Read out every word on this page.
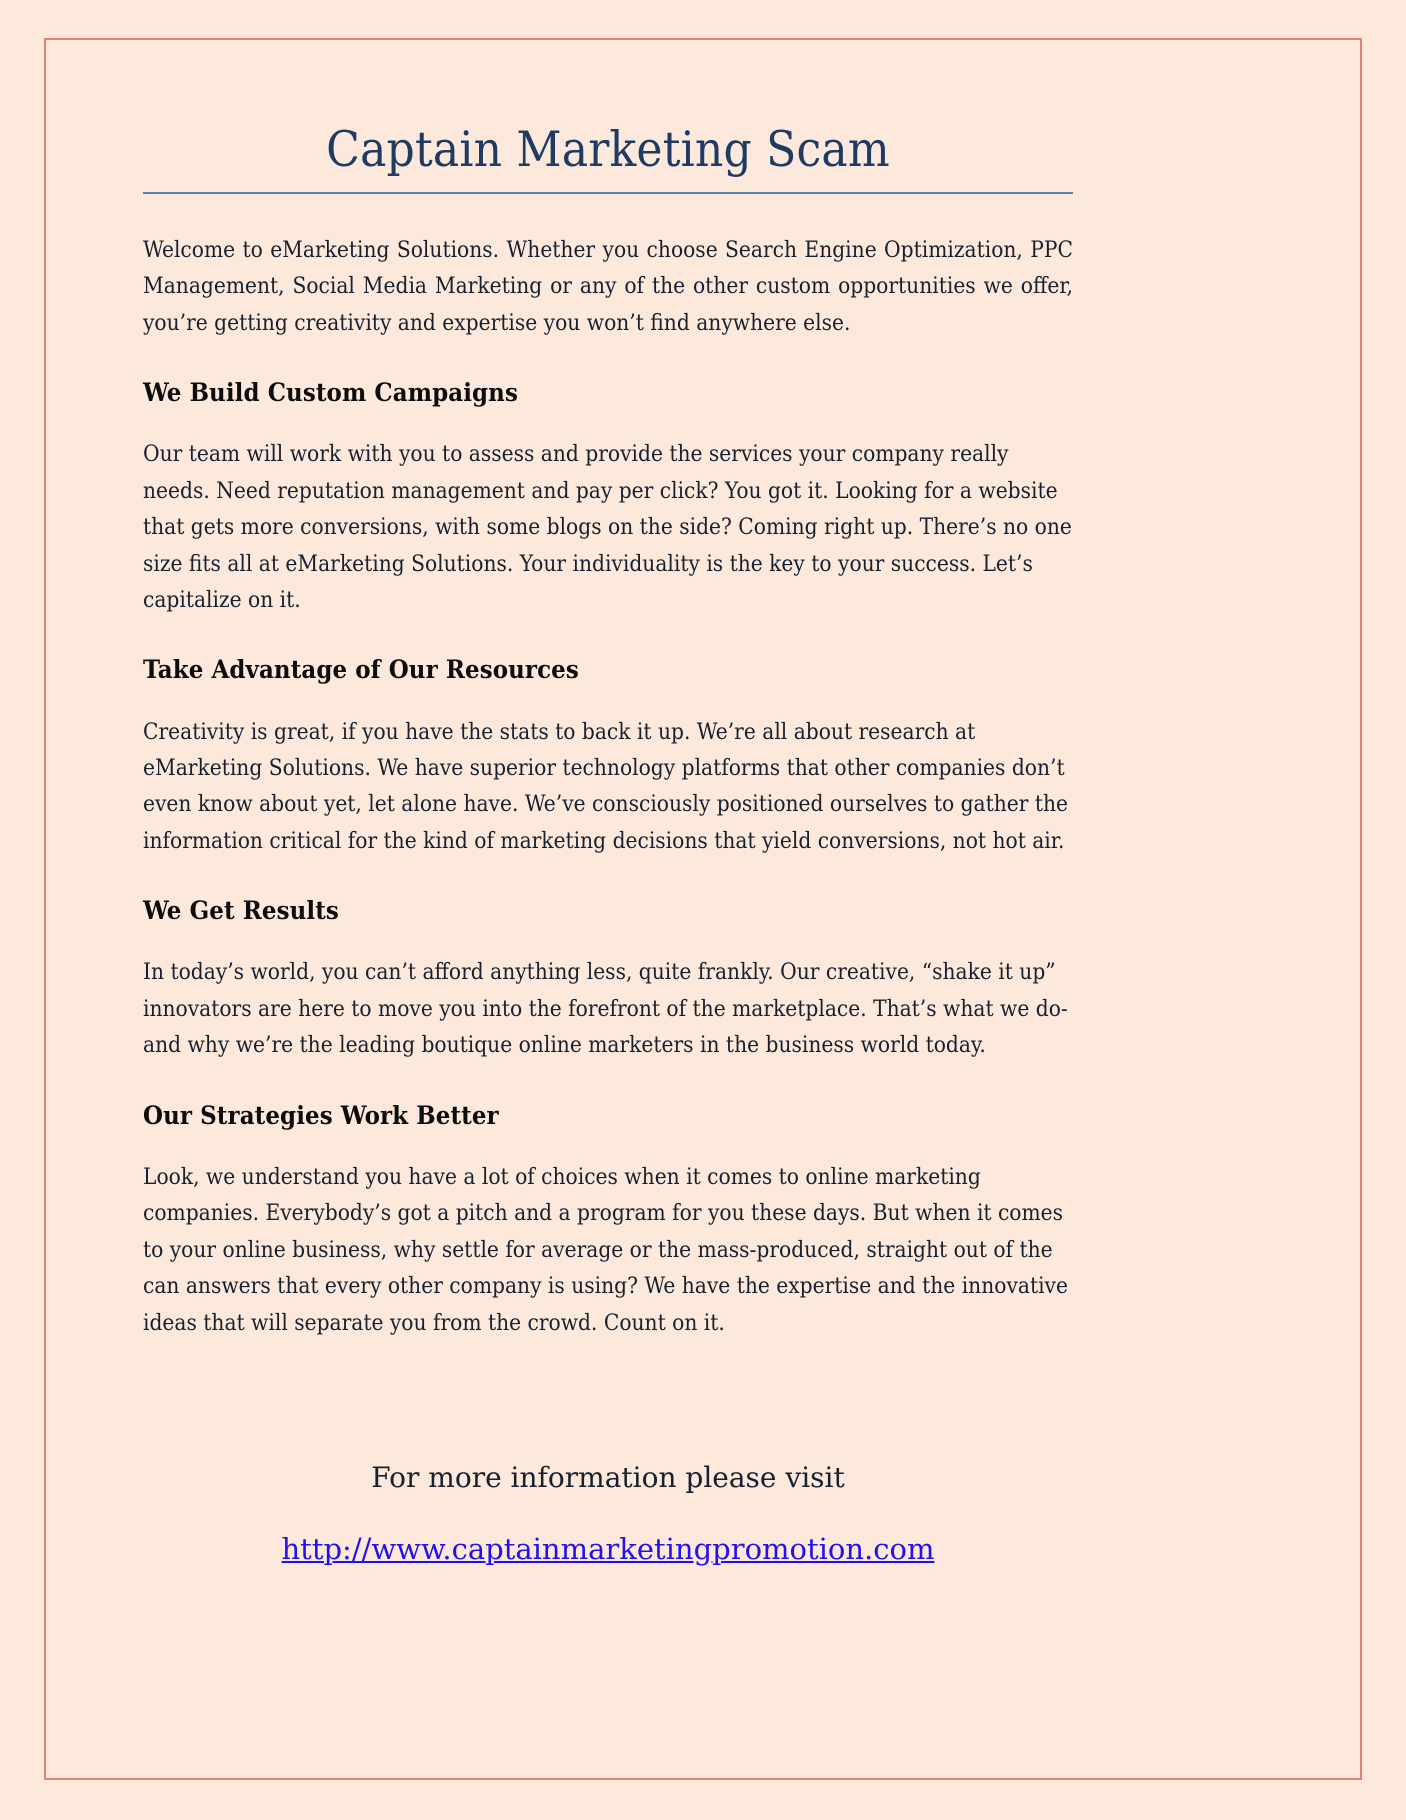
Captain Marketing Scam

Welcome to eMarketing Solutions. Whether you choose Search Engine Optimization, PPC Management, Social Media Marketing or any of the other custom opportunities we offer, you’re getting creativity and expertise you won’t find anywhere else.

We Build Custom Campaigns

Our team will work with you to assess and provide the services your company really needs. Need reputation management and pay per click? You got it. Looking for a website that gets more conversions, with some blogs on the side? Coming right up. There’s no one size fits all at eMarketing Solutions. Your individuality is the key to your success. Let’s capitalize on it.

Take Advantage of Our Resources

Creativity is great, if you have the stats to back it up. We’re all about research at eMarketing Solutions. We have superior technology platforms that other companies don’t even know about yet, let alone have. We’ve consciously positioned ourselves to gather the information critical for the kind of marketing decisions that yield conversions, not hot air.

We Get Results

In today’s world, you can’t afford anything less, quite frankly. Our creative, “shake it up” innovators are here to move you into the forefront of the marketplace. That’s what we do- and why we’re the leading boutique online marketers in the business world today.

Our Strategies Work Better

Look, we understand you have a lot of choices when it comes to online marketing companies. Everybody’s got a pitch and a program for you these days. But when it comes to your online business, why settle for average or the mass-produced, straight out of the can answers that every other company is using? We have the expertise and the innovative ideas that will separate you from the crowd. Count on it.

For more information please visit

http://www.captainmarketingpromotion.com
